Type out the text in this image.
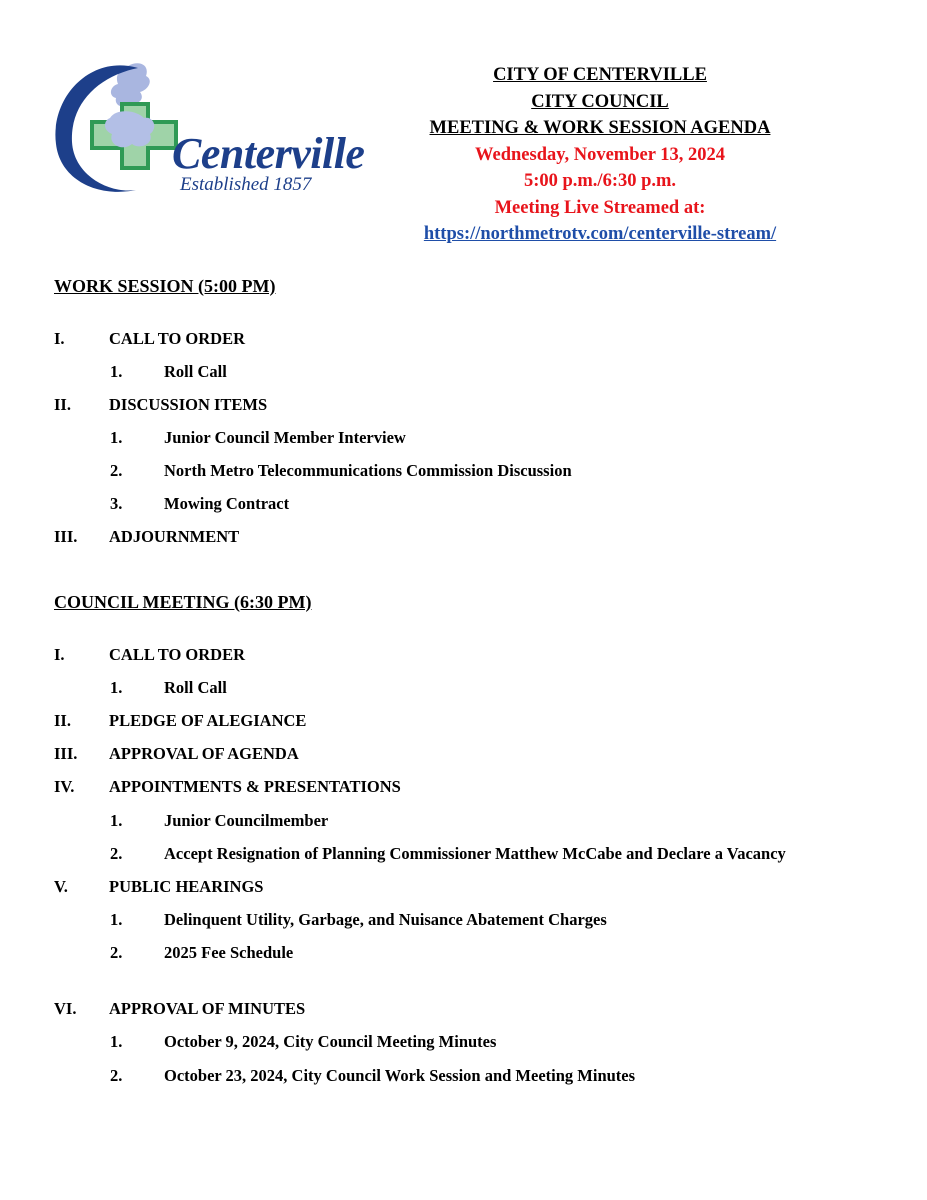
Centerville
Established 1857
CITY OF CENTERVILLE
CITY COUNCIL
MEETING & WORK SESSION AGENDA
Wednesday, November 13, 2024
5:00 p.m./6:30 p.m.
Meeting Live Streamed at:
https://northmetrotv.com/centerville-stream/
WORK SESSION (5:00 PM)
I.	CALL TO ORDER
1.	Roll Call
II. DISCUSSION ITEMS
1.	Junior Council Member Interview
2.	North Metro Telecommunications Commission Discussion
3.	Mowing Contract
III. ADJOURNMENT
COUNCIL MEETING (6:30 PM)
I.	CALL TO ORDER
1.	Roll Call
II. PLEDGE OF ALEGIANCE
III. APPROVAL OF AGENDA
IV. APPOINTMENTS & PRESENTATIONS
1.	Junior Councilmember
2.	Accept Resignation of Planning Commissioner Matthew McCabe and Declare a Vacancy
V. PUBLIC HEARINGS
1.	Delinquent Utility, Garbage, and Nuisance Abatement Charges
2.	2025 Fee Schedule
VI. APPROVAL OF MINUTES
1.	October 9, 2024, City Council Meeting Minutes
2.	October 23, 2024, City Council Work Session and Meeting Minutes
